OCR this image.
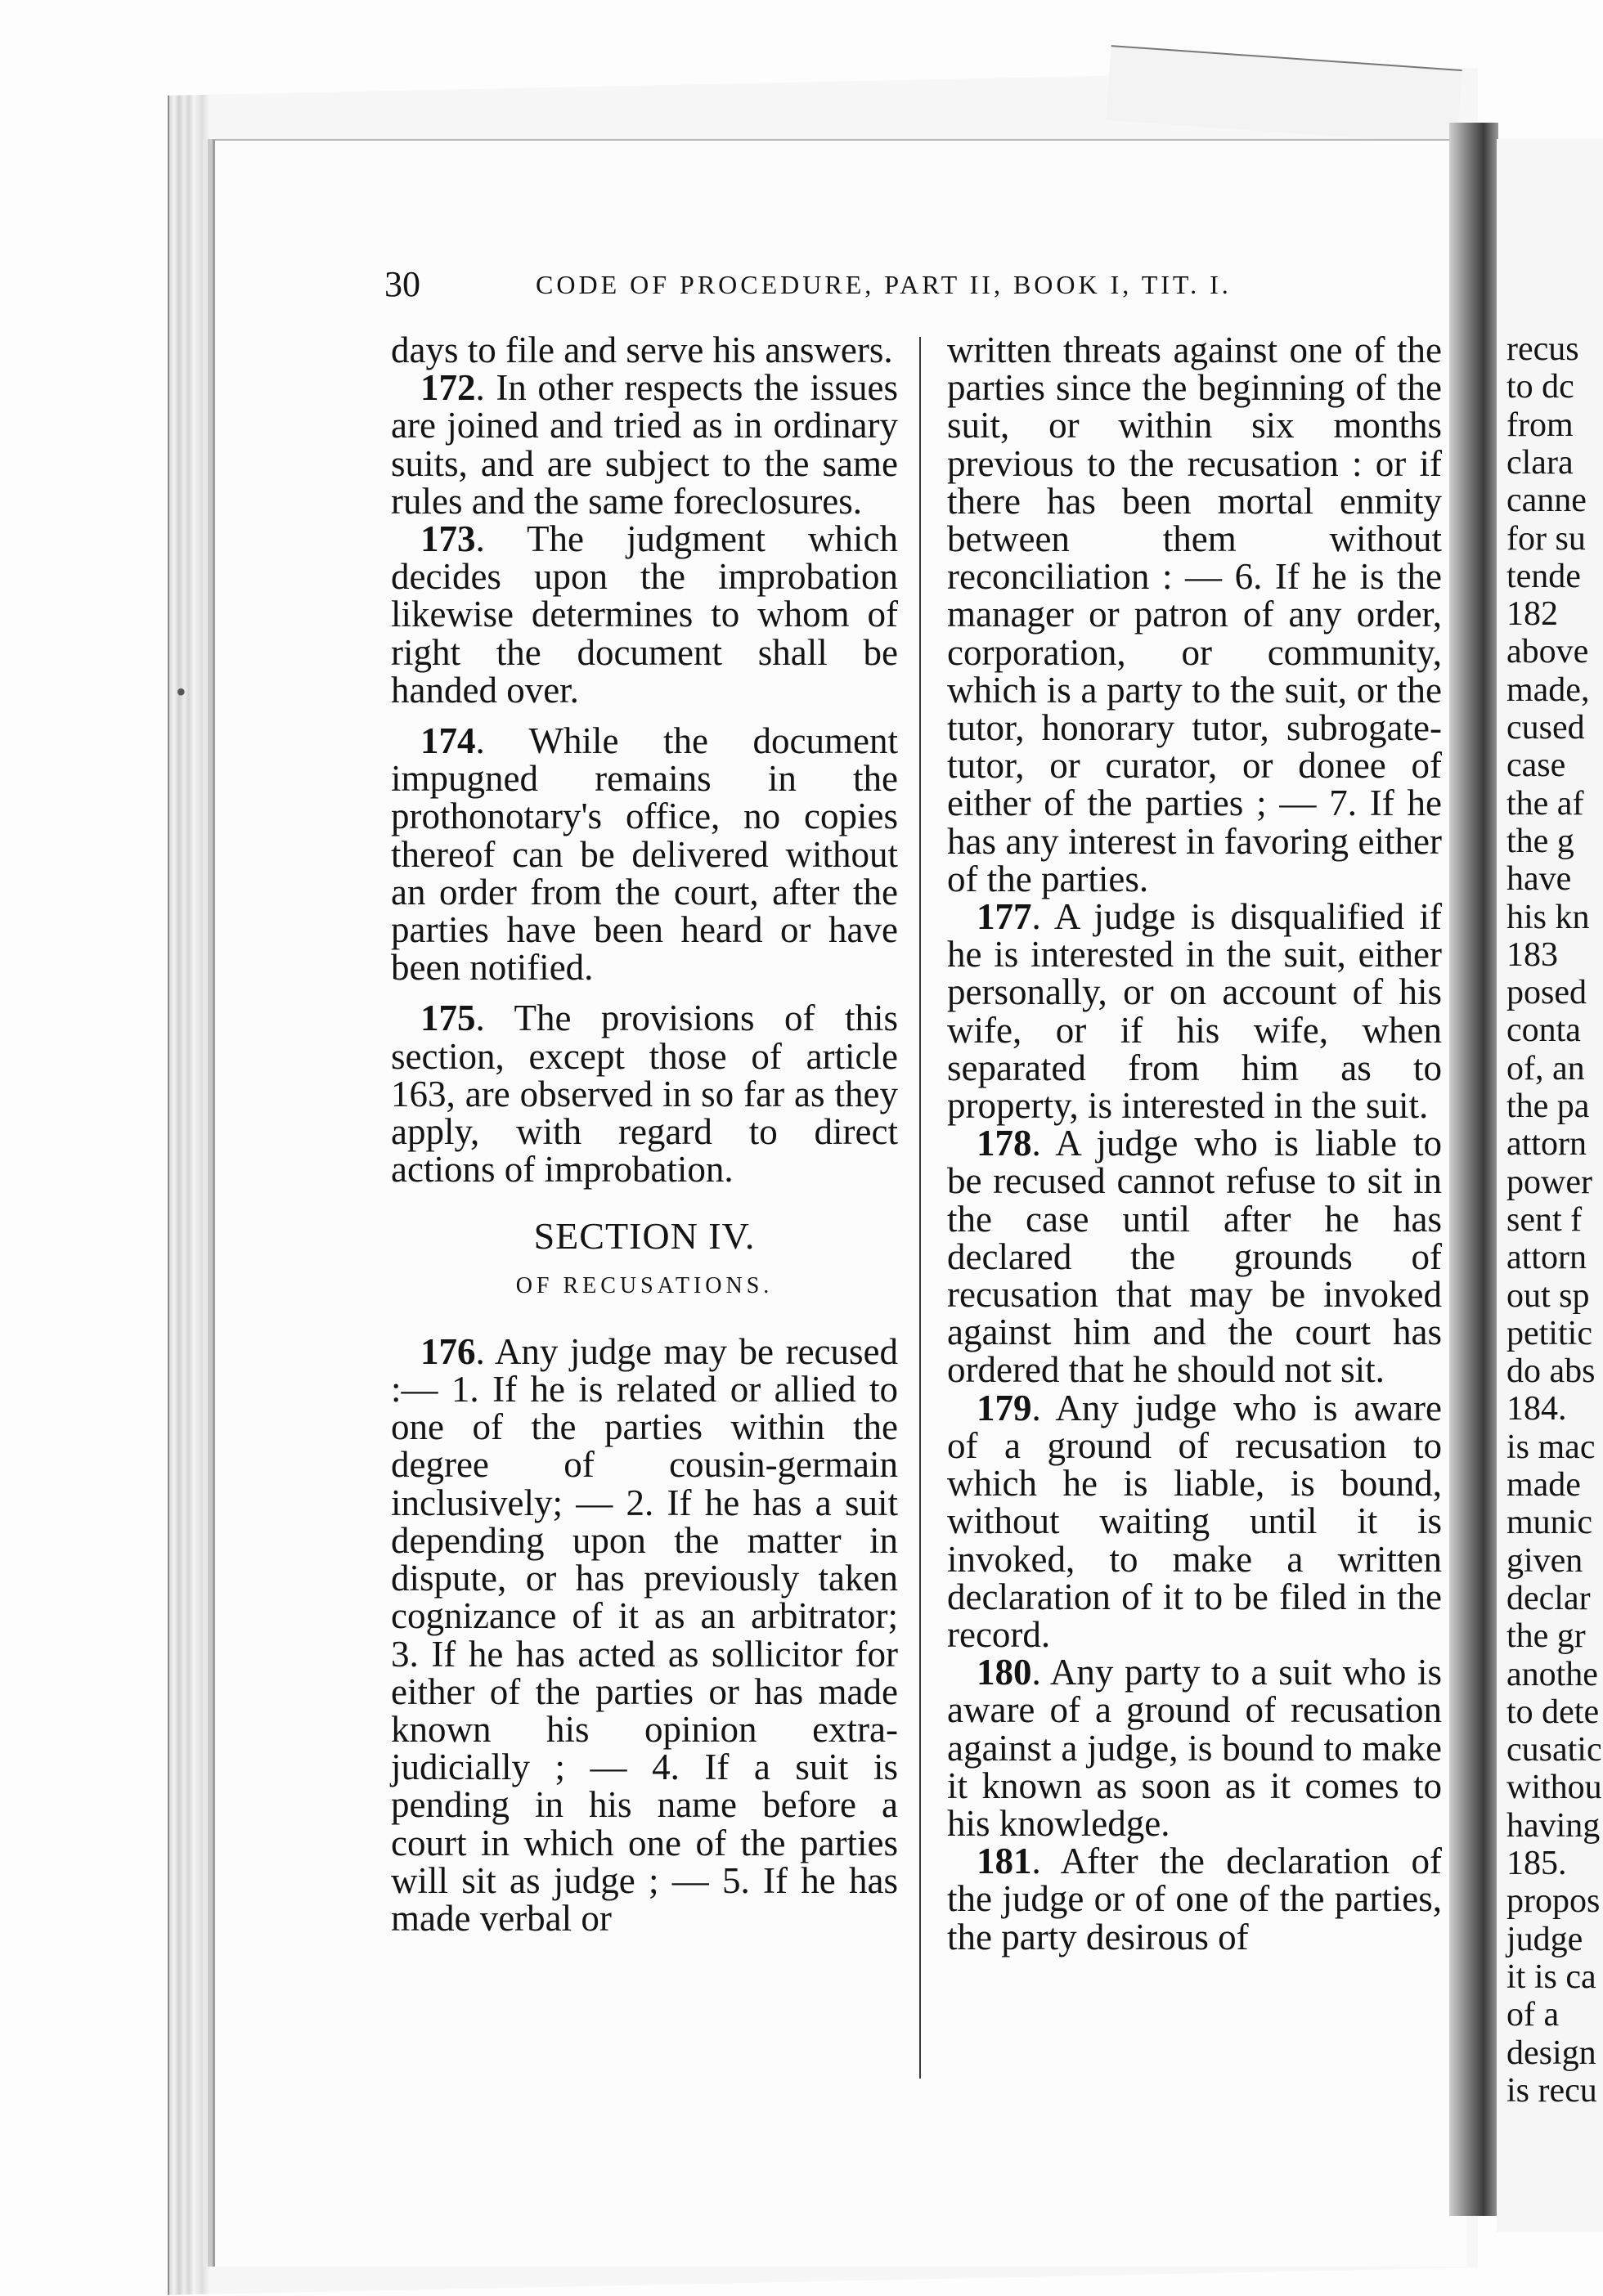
•
recus
to dc
from
clara
canne
for su
tende
182
above
made,
cused
case
the af
the g
have
his kn
183
posed
conta
of, an
the pa
attorn
power
sent f
attorn
out sp
petitic
do abs
184.
is mac
made
munic
given
declar
the gr
anothe
to dete
cusatic
withou
having
185.
propos
judge
it is ca
of a
design
is recu
30	CODE OF PROCEDURE, PART II, BOOK I, TIT. I.

days to file and serve his answers.

172. In other respects the issues are joined and tried as in ordinary suits, and are subject to the same rules and the same foreclosures.

173. The judgment which decides upon the improbation likewise determines to whom of right the document shall be handed over.

174. While the document impugned remains in the prothonotary's office, no copies thereof can be delivered without an order from the court, after the parties have been heard or have been notified.

175. The provisions of this section, except those of article 163, are observed in so far as they apply, with regard to direct actions of improbation.

SECTION IV.
OF RECUSATIONS.

176. Any judge may be recused :— 1. If he is related or allied to one of the parties within the degree of cousin-germain inclusively; — 2. If he has a suit depending upon the matter in dispute, or has previously taken cognizance of it as an arbitrator; 3. If he has acted as sollicitor for either of the parties or has made known his opinion extra-judicially ; — 4. If a suit is pending in his name before a court in which one of the parties will sit as judge ; — 5. If he has made verbal or

written threats against one of the parties since the beginning of the suit, or within six months previous to the recusation : or if there has been mortal enmity between them without reconciliation : — 6. If he is the manager or patron of any order, corporation, or community, which is a party to the suit, or the tutor, honorary tutor, subrogate-tutor, or curator, or donee of either of the parties ; — 7. If he has any interest in favoring either of the parties.

177. A judge is disqualified if he is interested in the suit, either personally, or on account of his wife, or if his wife, when separated from him as to property, is interested in the suit.

178. A judge who is liable to be recused cannot refuse to sit in the case until after he has declared the grounds of recusation that may be invoked against him and the court has ordered that he should not sit.

179. Any judge who is aware of a ground of recusation to which he is liable, is bound, without waiting until it is invoked, to make a written declaration of it to be filed in the record.

180. Any party to a suit who is aware of a ground of recusation against a judge, is bound to make it known as soon as it comes to his knowledge.

181. After the declaration of the judge or of one of the parties, the party desirous of
